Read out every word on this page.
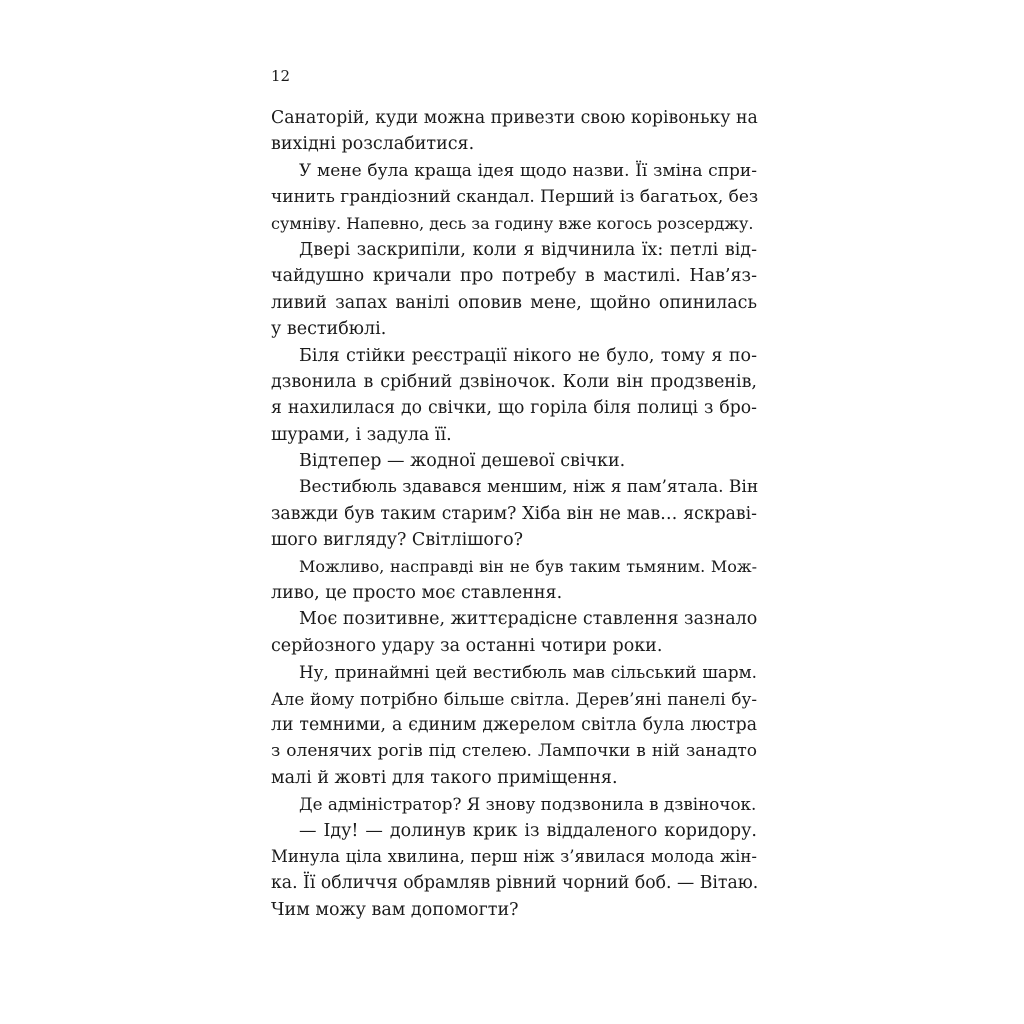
12
Санаторій, куди можна привезти свою корівоньку на
вихідні розслабитися.
У мене була краща ідея щодо назви. Її зміна спри-
чинить грандіозний скандал. Перший із багатьох, без
сумніву. Напевно, десь за годину вже когось розсерджу.
Двері заскрипіли, коли я відчинила їх: петлі від-
чайдушно кричали про потребу в мастилі. Нав’яз-
ливий запах ванілі оповив мене, щойно опинилась
у вестибюлі.
Біля стійки реєстрації нікого не було, тому я по-
дзвонила в срібний дзвіночок. Коли він продзвенів,
я нахилилася до свічки, що горіла біля полиці з бро-
шурами, і задула її.
Відтепер — жодної дешевої свічки.
Вестибюль здавався меншим, ніж я пам’ятала. Він
завжди був таким старим? Хіба він не мав… яскраві-
шого вигляду? Світлішого?
Можливо, насправді він не був таким тьмяним. Мож-
ливо, це просто моє ставлення.
Моє позитивне, життєрадісне ставлення зазнало
серйозного удару за останні чотири роки.
Ну, принаймні цей вестибюль мав сільський шарм.
Але йому потрібно більше світла. Дерев’яні панелі бу-
ли темними, а єдиним джерелом світла була люстра
з оленячих рогів під стелею. Лампочки в ній занадто
малі й жовті для такого приміщення.
Де адміністратор? Я знову подзвонила в дзвіночок.
— Іду! — долинув крик із віддаленого коридору.
Минула ціла хвилина, перш ніж з’явилася молода жін-
ка. Її обличчя обрамляв рівний чорний боб. — Вітаю.
Чим можу вам допомогти?
